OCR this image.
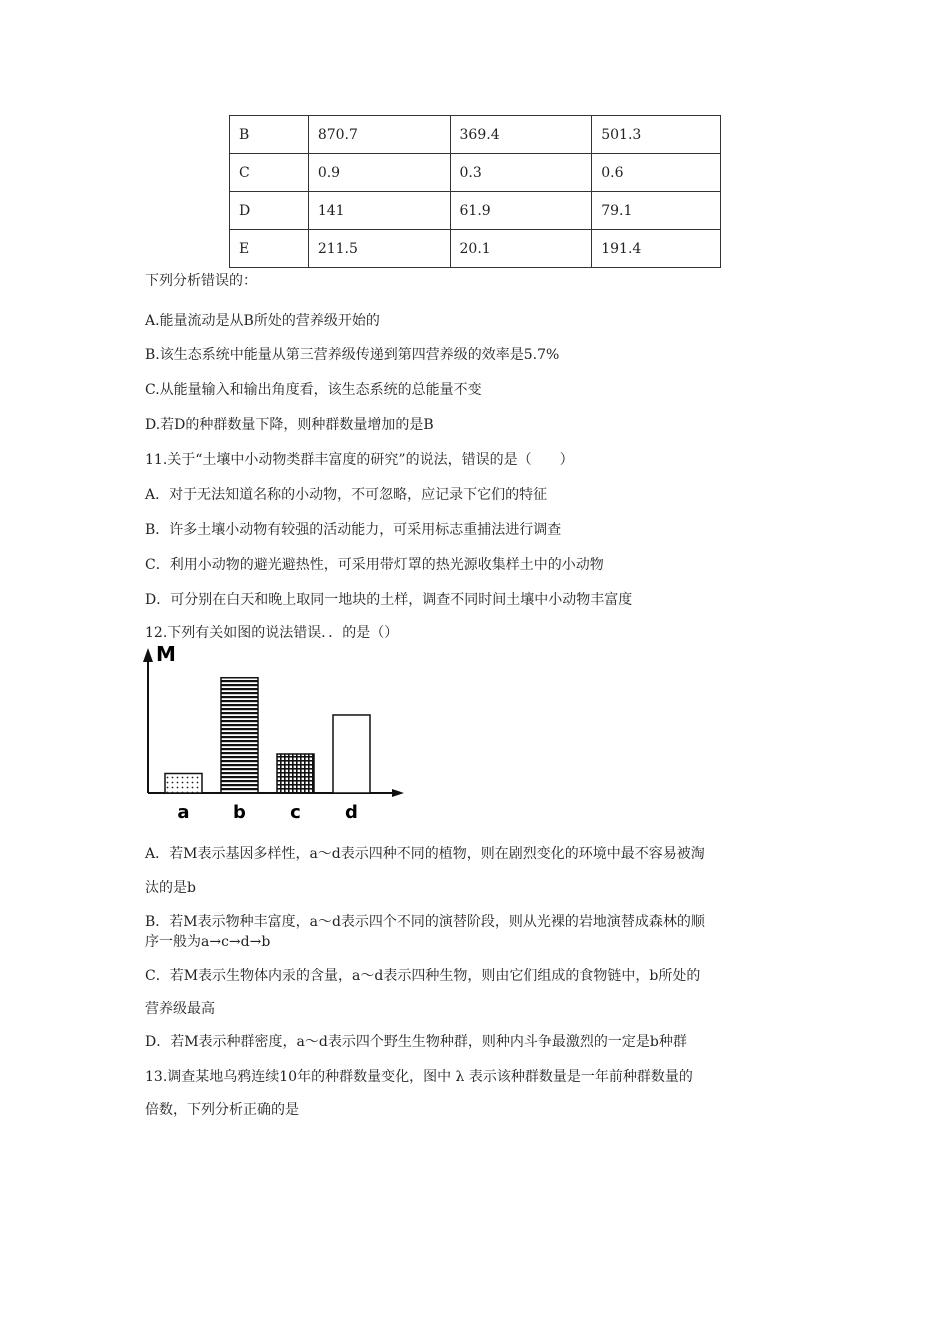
B	870.7	369.4	501.3
C	0.9	0.3	0.6
D	141	61.9	79.1
E	211.5	20.1	191.4
下列分析错误的：
A.能量流动是从B所处的营养级开始的
B.该生态系统中能量从第三营养级传递到第四营养级的效率是5.7%
C.从能量输入和输出角度看，该生态系统的总能量不变
D.若D的种群数量下降，则种群数量增加的是B
11.关于“土壤中小动物类群丰富度的研究”的说法，错误的是（　　）
A．对于无法知道名称的小动物，不可忽略，应记录下它们的特征
B．许多土壤小动物有较强的活动能力，可采用标志重捕法进行调查
C．利用小动物的避光避热性，可采用带灯罩的热光源收集样土中的小动物
D．可分别在白天和晚上取同一地块的土样，调查不同时间土壤中小动物丰富度
12.下列有关如图的说法错误．．的是（）
M
a b c d
A．若M表示基因多样性，a～d表示四种不同的植物，则在剧烈变化的环境中最不容易被淘
汰的是b
B．若M表示物种丰富度，a～d表示四个不同的演替阶段，则从光裸的岩地演替成森林的顺
序一般为a→c→d→b
C．若M表示生物体内汞的含量，a～d表示四种生物，则由它们组成的食物链中，b所处的
营养级最高
D．若M表示种群密度，a～d表示四个野生生物种群，则种内斗争最激烈的一定是b种群
13.调查某地乌鸦连续10年的种群数量变化，图中 λ 表示该种群数量是一年前种群数量的
倍数，下列分析正确的是
